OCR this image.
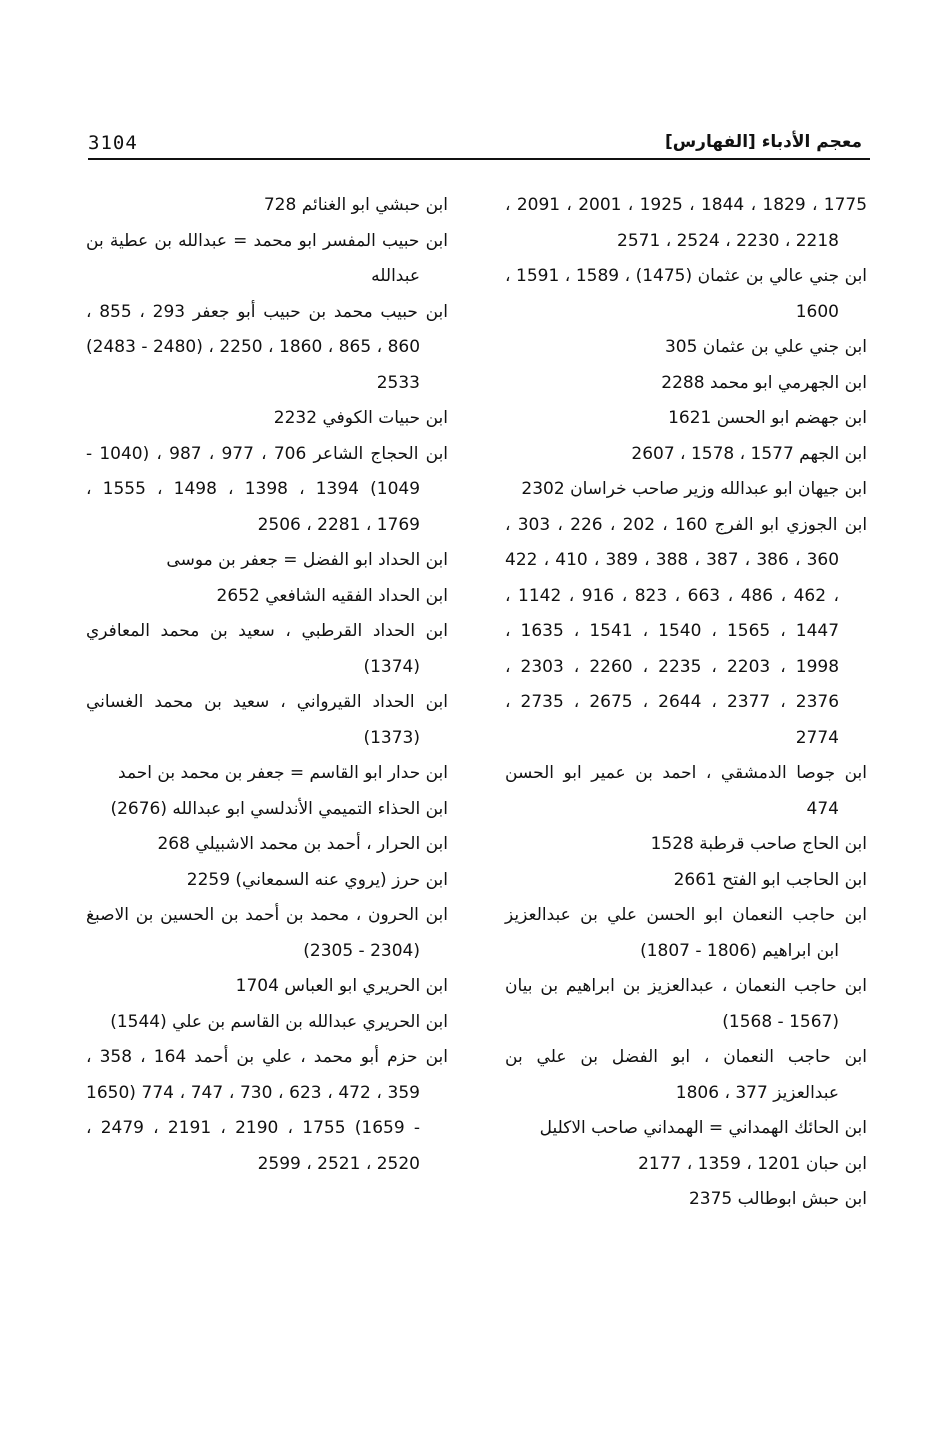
معجم الأدباء [الفهارس]
3104

1775 ، 1829 ، 1844 ، 1925 ، 2001 ، 2091 ، 2218 ، 2230 ، 2524 ، 2571

ابن جني عالي بن عثمان (1475) ، 1589 ، 1591 ، 1600

ابن جني علي بن عثمان 305

ابن الجهرمي ابو محمد 2288

ابن جهضم ابو الحسن 1621

ابن الجهم 1577 ، 1578 ، 2607

ابن جيهان ابو عبدالله وزير صاحب خراسان 2302

ابن الجوزي ابو الفرج 160 ، 202 ، 226 ، 303 ، 360 ، 386 ، 387 ، 388 ، 389 ، 410 ، 422 ، 462 ، 486 ، 663 ، 823 ، 916 ، 1142 ، 1447 ، 1565 ، 1540 ، 1541 ، 1635 ، 1998 ، 2203 ، 2235 ، 2260 ، 2303 ، 2376 ، 2377 ، 2644 ، 2675 ، 2735 ، 2774

ابن جوصا الدمشقي ، احمد بن عمير ابو الحسن 474

ابن الحاج صاحب قرطبة 1528

ابن الحاجب ابو الفتح 2661

ابن حاجب النعمان ابو الحسن علي بن عبدالعزيز ابن ابراهيم (1806 - 1807)

ابن حاجب النعمان ، عبدالعزيز بن ابراهيم بن بيان (1567 - 1568)

ابن حاجب النعمان ، ابو الفضل بن علي بن عبدالعزيز 377 ، 1806

ابن الحائك الهمداني = الهمداني صاحب الاكليل

ابن حبان 1201 ، 1359 ، 2177

ابن حبش ابوطالب 2375

ابن حبشي ابو الغنائم 728

ابن حبيب المفسر ابو محمد = عبدالله بن عطية بن عبدالله

ابن حبيب محمد بن حبيب أبو جعفر 293 ، 855 ، 860 ، 865 ، 1860 ، 2250 ، (2480 - 2483) 2533

ابن حبيات الكوفي 2232

ابن الحجاج الشاعر 706 ، 977 ، 987 ، (1040 - 1049) 1394 ، 1398 ، 1498 ، 1555 ، 1769 ، 2281 ، 2506

ابن الحداد ابو الفضل = جعفر بن موسى

ابن الحداد الفقيه الشافعي 2652

ابن الحداد القرطبي ، سعيد بن محمد المعافري (1374)

ابن الحداد القيرواني ، سعيد بن محمد الغساني (1373)

ابن حدار ابو القاسم = جعفر بن محمد بن احمد

ابن الحذاء التميمي الأندلسي ابو عبدالله (2676)

ابن الحرار ، أحمد بن محمد الاشبيلي 268

ابن حرز (يروي عنه السمعاني) 2259

ابن الحرون ، محمد بن أحمد بن الحسين بن الاصبغ (2304 - 2305)

ابن الحريري ابو العباس 1704

ابن الحريري عبدالله بن القاسم بن علي (1544)

ابن حزم أبو محمد ، علي بن أحمد 164 ، 358 ، 359 ، 472 ، 623 ، 730 ، 747 ، 774 (1650 - 1659) 1755 ، 2190 ، 2191 ، 2479 ، 2520 ، 2521 ، 2599
